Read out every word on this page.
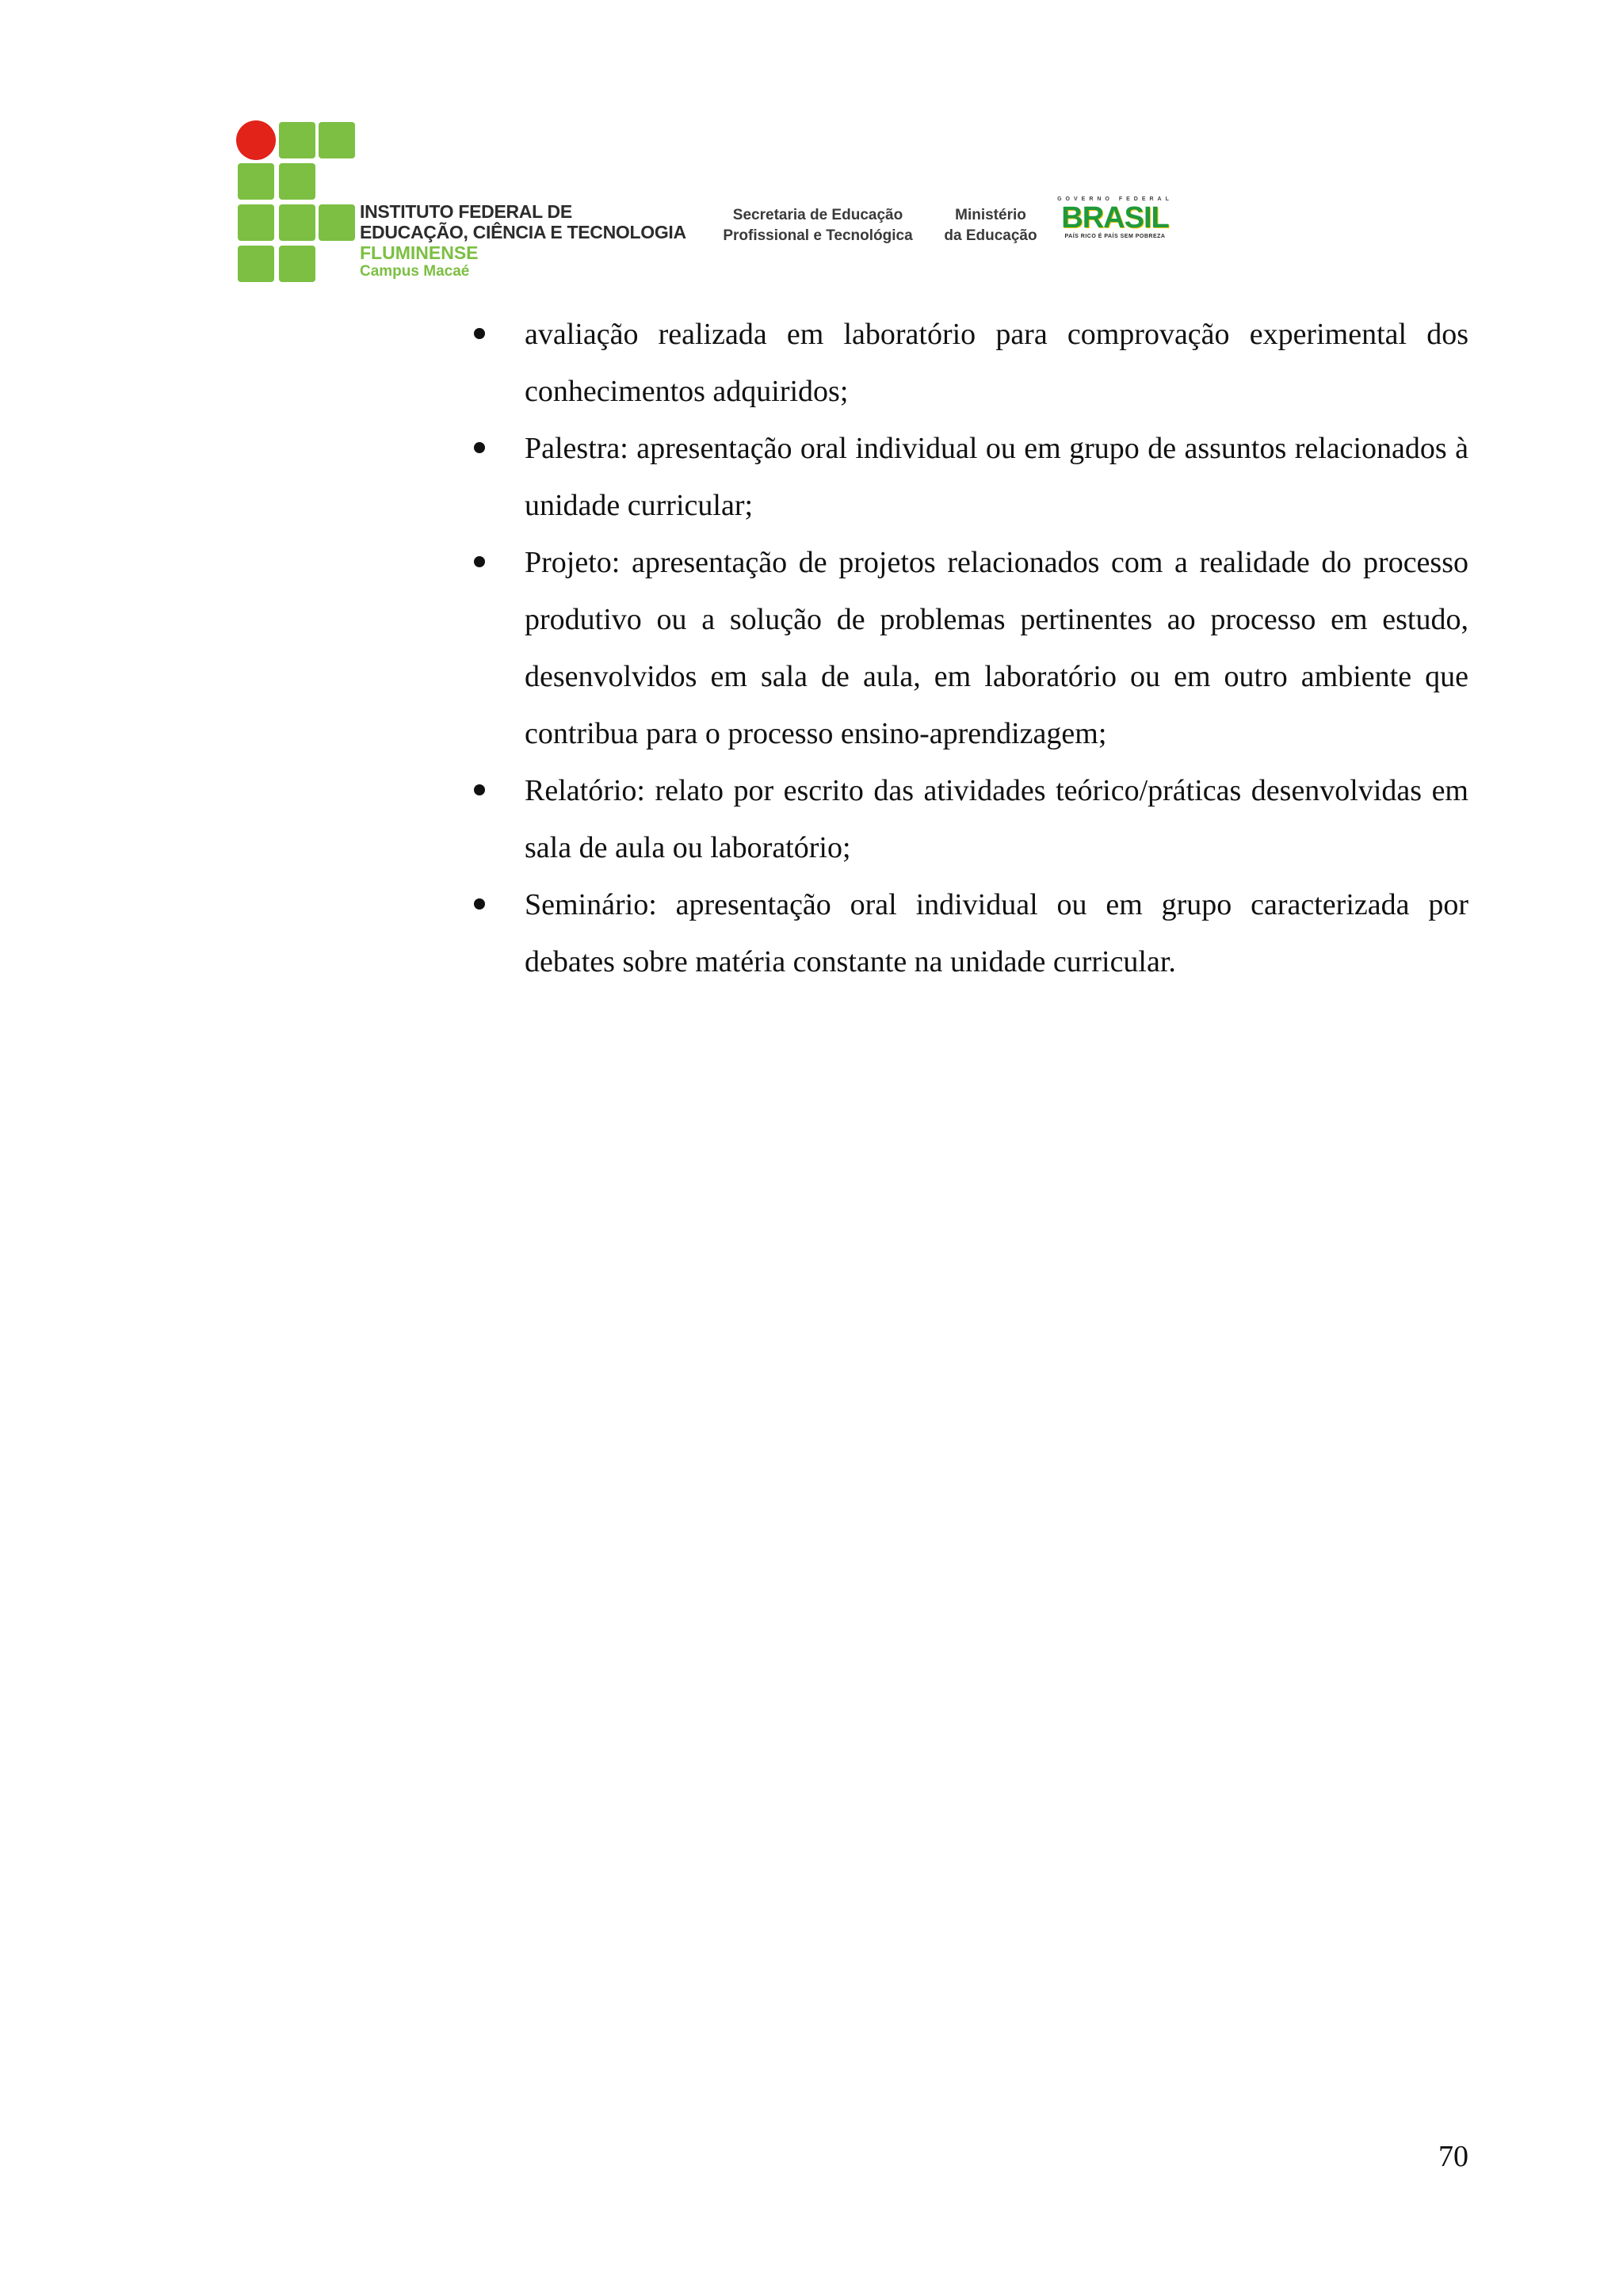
INSTITUTO FEDERAL DE
EDUCAÇÃO, CIÊNCIA E TECNOLOGIA
FLUMINENSE
Campus Macaé
Secretaria de Educação
Profissional e Tecnológica
Ministério
da Educação
GOVERNO FEDERAL
BRASIL
PAÍS RICO É PAÍS SEM POBREZA
avaliação realizada em laboratório para comprovação experimental dos conhecimentos adquiridos;
Palestra: apresentação oral individual ou em grupo de assuntos relacionados à unidade curricular;
Projeto: apresentação de projetos relacionados com a realidade do processo produtivo ou a solução de problemas pertinentes ao processo em estudo, desenvolvidos em sala de aula, em laboratório ou em outro ambiente que contribua para o processo ensino-aprendizagem;
Relatório: relato por escrito das atividades teórico/práticas desenvolvidas em sala de aula ou laboratório;
Seminário: apresentação oral individual ou em grupo caracterizada por debates sobre matéria constante na unidade curricular.
70
